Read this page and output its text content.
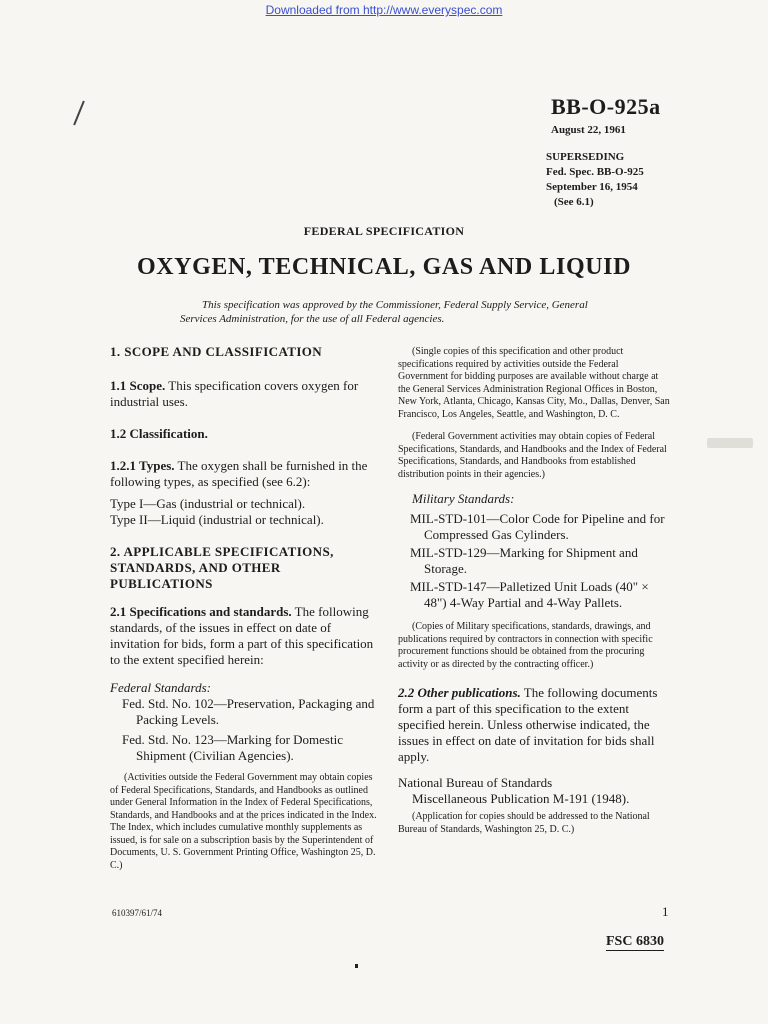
Downloaded from http://www.everyspec.com
BB-O-925a
August 22, 1961
SUPERSEDING
Fed. Spec. BB-O-925
September 16, 1954
(See 6.1)
FEDERAL SPECIFICATION
OXYGEN, TECHNICAL, GAS AND LIQUID
This specification was approved by the Commissioner, Federal Supply Service, General Services Administration, for the use of all Federal agencies.

1. SCOPE AND CLASSIFICATION

1.1 Scope. This specification covers oxygen for industrial uses.

1.2 Classification.

1.2.1 Types. The oxygen shall be furnished in the following types, as specified (see 6.2):

Type I—Gas (industrial or technical).

Type II—Liquid (industrial or technical).

2. APPLICABLE SPECIFICATIONS, STANDARDS, AND OTHER PUBLICATIONS

2.1 Specifications and standards. The following standards, of the issues in effect on date of invitation for bids, form a part of this specification to the extent specified herein:

Federal Standards:

Fed. Std. No. 102—Preservation, Packaging and Packing Levels.

Fed. Std. No. 123—Marking for Domestic Shipment (Civilian Agencies).

(Activities outside the Federal Government may obtain copies of Federal Specifications, Standards, and Handbooks as outlined under General Information in the Index of Federal Specifications, Standards, and Handbooks and at the prices indicated in the Index. The Index, which includes cumulative monthly supplements as issued, is for sale on a subscription basis by the Superintendent of Documents, U. S. Government Printing Office, Washington 25, D. C.)

(Single copies of this specification and other product specifications required by activities outside the Federal Government for bidding purposes are available without charge at the General Services Administration Regional Offices in Boston, New York, Atlanta, Chicago, Kansas City, Mo., Dallas, Denver, San Francisco, Los Angeles, Seattle, and Washington, D. C.

(Federal Government activities may obtain copies of Federal Specifications, Standards, and Handbooks and the Index of Federal Specifications, Standards, and Handbooks from established distribution points in their agencies.)

Military Standards:

MIL-STD-101—Color Code for Pipeline and for Compressed Gas Cylinders.

MIL-STD-129—Marking for Shipment and Storage.

MIL-STD-147—Palletized Unit Loads (40" × 48") 4-Way Partial and 4-Way Pallets.

(Copies of Military specifications, standards, drawings, and publications required by contractors in connection with specific procurement functions should be obtained from the procuring activity or as directed by the contracting officer.)

2.2 Other publications. The following documents form a part of this specification to the extent specified herein. Unless otherwise indicated, the issues in effect on date of invitation for bids shall apply.

National Bureau of Standards

Miscellaneous Publication M-191 (1948).

(Application for copies should be addressed to the National Bureau of Standards, Washington 25, D. C.)

610397/61/74	1
FSC 6830
